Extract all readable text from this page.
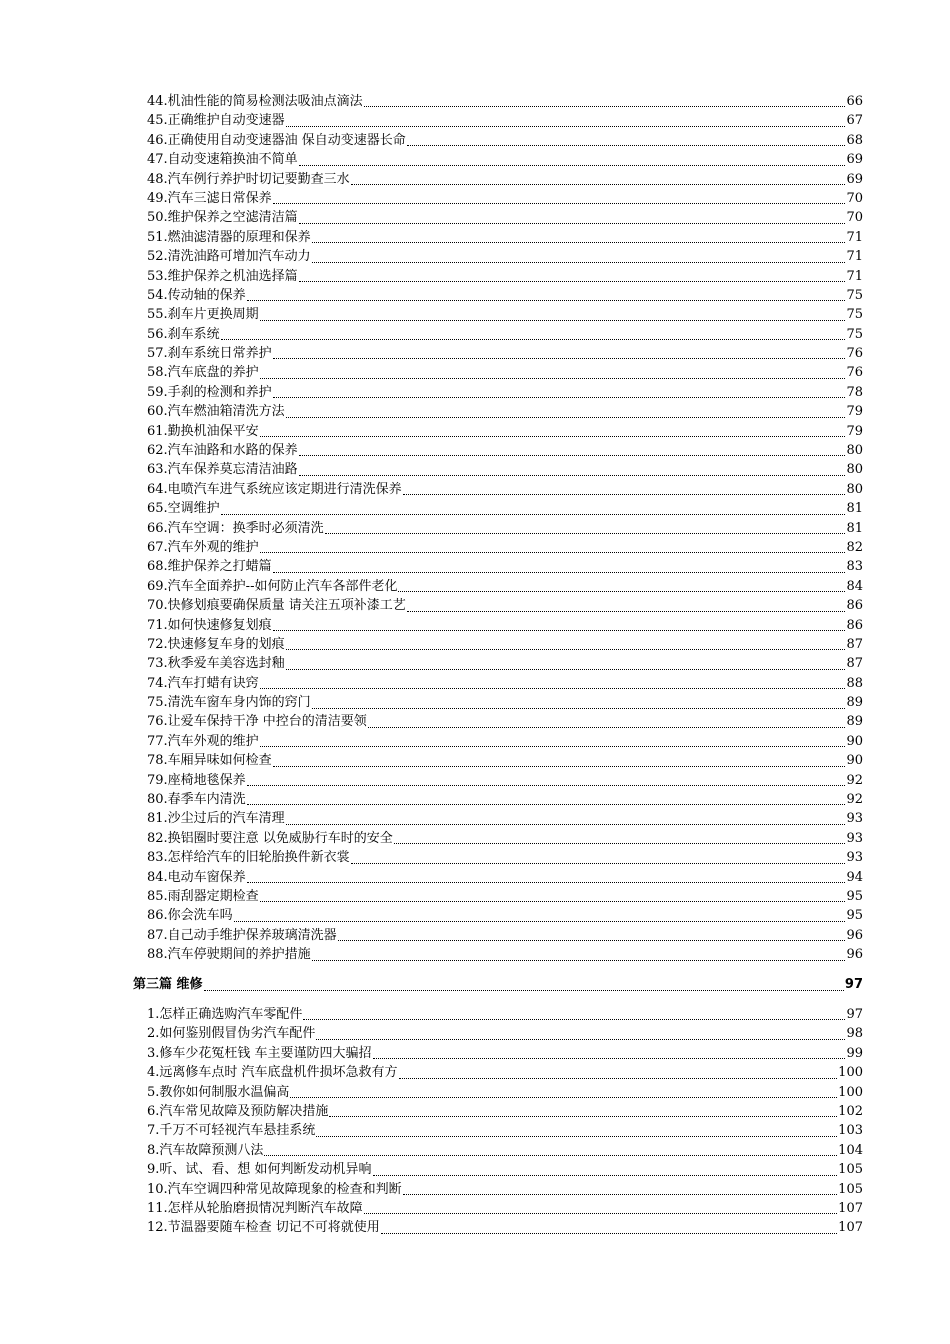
44.机油性能的简易检测法吸油点滴法	66
45.正确维护自动变速器	67
46.正确使用自动变速器油 保自动变速器长命	68
47.自动变速箱换油不简单	69
48.汽车例行养护时切记要勤查三水	69
49.汽车三滤日常保养	70
50.维护保养之空滤清洁篇	70
51.燃油滤清器的原理和保养	71
52.清洗油路可增加汽车动力	71
53.维护保养之机油选择篇	71
54.传动轴的保养	75
55.刹车片更换周期	75
56.刹车系统	75
57.刹车系统日常养护	76
58.汽车底盘的养护	76
59.手刹的检测和养护	78
60.汽车燃油箱清洗方法	79
61.勤换机油保平安	79
62.汽车油路和水路的保养	80
63.汽车保养莫忘清洁油路	80
64.电喷汽车进气系统应该定期进行清洗保养	80
65.空调维护	81
66.汽车空调：换季时必须清洗	81
67.汽车外观的维护	82
68.维护保养之打蜡篇	83
69.汽车全面养护--如何防止汽车各部件老化	84
70.快修划痕要确保质量 请关注五项补漆工艺	86
71.如何快速修复划痕	86
72.快速修复车身的划痕	87
73.秋季爱车美容选封釉	87
74.汽车打蜡有诀窍	88
75.清洗车窗车身内饰的窍门	89
76.让爱车保持干净 中控台的清洁要领	89
77.汽车外观的维护	90
78.车厢异味如何检查	90
79.座椅地毯保养	92
80.春季车内清洗	92
81.沙尘过后的汽车清理	93
82.换铝圈时要注意 以免威胁行车时的安全	93
83.怎样给汽车的旧轮胎换件新衣裳	93
84.电动车窗保养	94
85.雨刮器定期检查	95
86.你会洗车吗	95
87.自己动手维护保养玻璃清洗器	96
88.汽车停驶期间的养护措施	96
第三篇 维修	97
1.怎样正确选购汽车零配件	97
2.如何鉴别假冒伪劣汽车配件	98
3.修车少花冤枉钱 车主要谨防四大骗招	99
4.远离修车点时 汽车底盘机件损坏急救有方	100
5.教你如何制服水温偏高	100
6.汽车常见故障及预防解决措施	102
7.千万不可轻视汽车悬挂系统	103
8.汽车故障预测八法	104
9.听、试、看、想 如何判断发动机异响	105
10.汽车空调四种常见故障现象的检查和判断	105
11.怎样从轮胎磨损情况判断汽车故障	107
12.节温器要随车检查 切记不可将就使用	107
